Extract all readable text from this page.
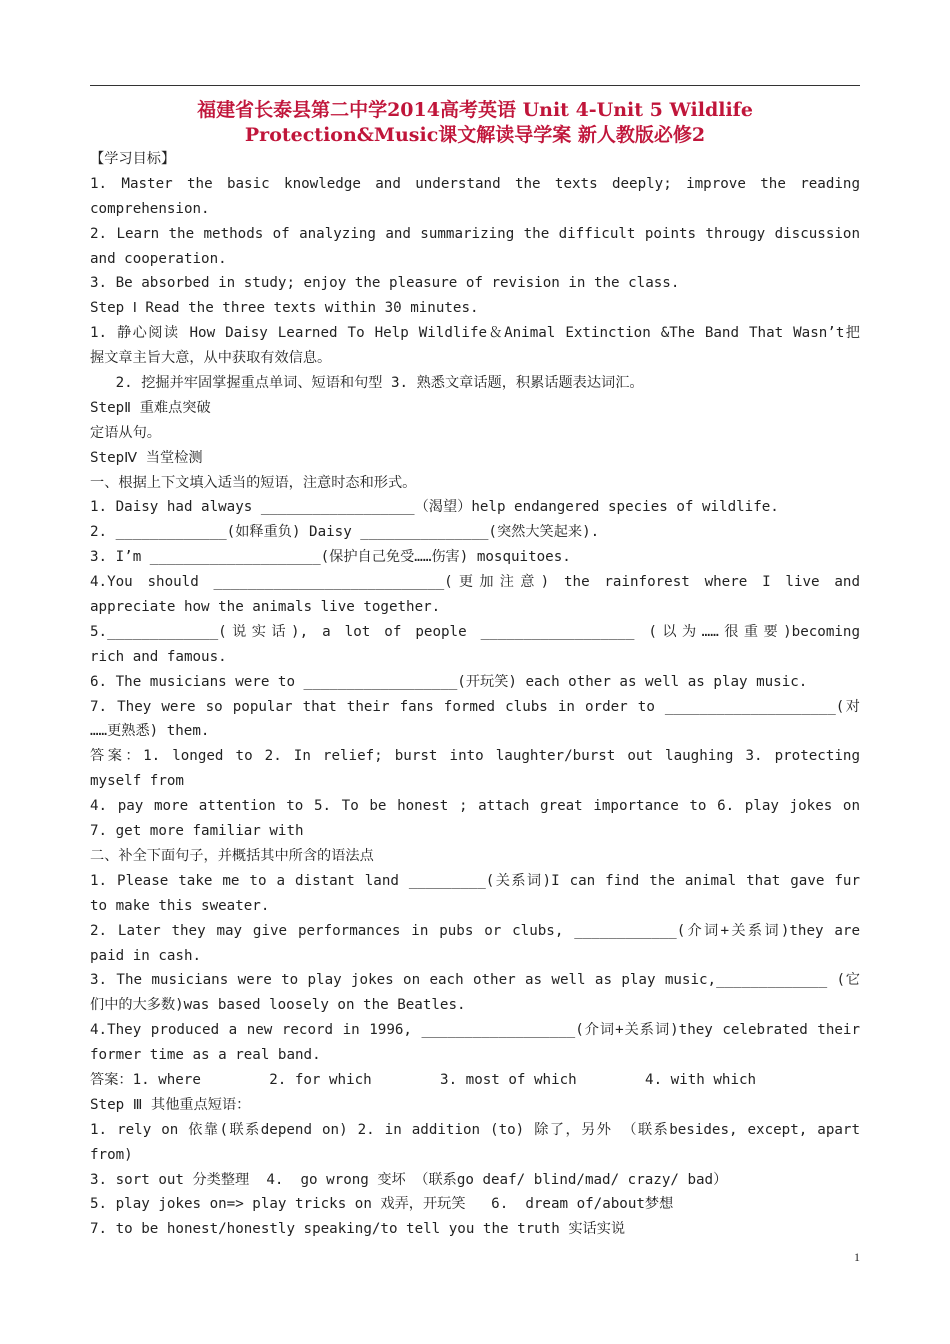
福建省长泰县第二中学2014高考英语 Unit 4-Unit 5 Wildlife
Protection&Music课文解读导学案 新人教版必修2
【学习目标】
1. Master the basic knowledge and understand the texts deeply; improve the reading
comprehension.
2. Learn the methods of analyzing and summarizing the difficult points througy discussion
and cooperation.
3. Be absorbed in study; enjoy the pleasure of revision in the class.
Step Ⅰ Read the three texts within 30 minutes.
1. 静心阅读 How Daisy Learned To Help Wildlife＆Animal Extinction &The Band That Wasn’t把
握文章主旨大意，从中获取有效信息。
2. 挖掘并牢固掌握重点单词、短语和句型 3. 熟悉文章话题，积累话题表达词汇。
StepⅡ 重难点突破
定语从句。
StepⅣ 当堂检测
一、根据上下文填入适当的短语，注意时态和形式。
1. Daisy had always __________________（渴望）help endangered species of wildlife.
2. _____________(如释重负) Daisy _______________(突然大笑起来).
3. I’m ____________________(保护自己免受……伤害) mosquitoes.
4.You should ___________________________(更加注意) the rainforest where I live and
appreciate how the animals live together.
5._____________(说实话), a lot of people __________________ (以为……很重要)becoming
rich and famous.
6. The musicians were to __________________(开玩笑) each other as well as play music.
7. They were so popular that their fans formed clubs in order to ____________________(对
……更熟悉) them.
答案：1. longed to 2. In relief; burst into laughter/burst out laughing 3. protecting
myself from
4. pay more attention to 5. To be honest ; attach great importance to 6. play jokes on
7. get more familiar with
二、补全下面句子，并概括其中所含的语法点
1. Please take me to a distant land _________(关系词)I can find the animal that gave fur
to make this sweater.
2. Later they may give performances in pubs or clubs, ____________(介词+关系词)they are
paid in cash.
3. The musicians were to play jokes on each other as well as play music,_____________ (它
们中的大多数)was based loosely on the Beatles.
4.They produced a new record in 1996, __________________(介词+关系词)they celebrated their
former time as a real band.
答案：1. where        2. for which        3. most of which        4. with which
Step Ⅲ 其他重点短语：
1. rely on 依靠(联系depend on) 2. in addition (to) 除了，另外 （联系besides, except, apart
from)
3. sort out 分类整理  4.  go wrong 变坏 （联系go deaf/ blind/mad/ crazy/ bad）
5. play jokes on=> play tricks on 戏弄，开玩笑   6.  dream of/about梦想
7. to be honest/honestly speaking/to tell you the truth 实话实说
1
